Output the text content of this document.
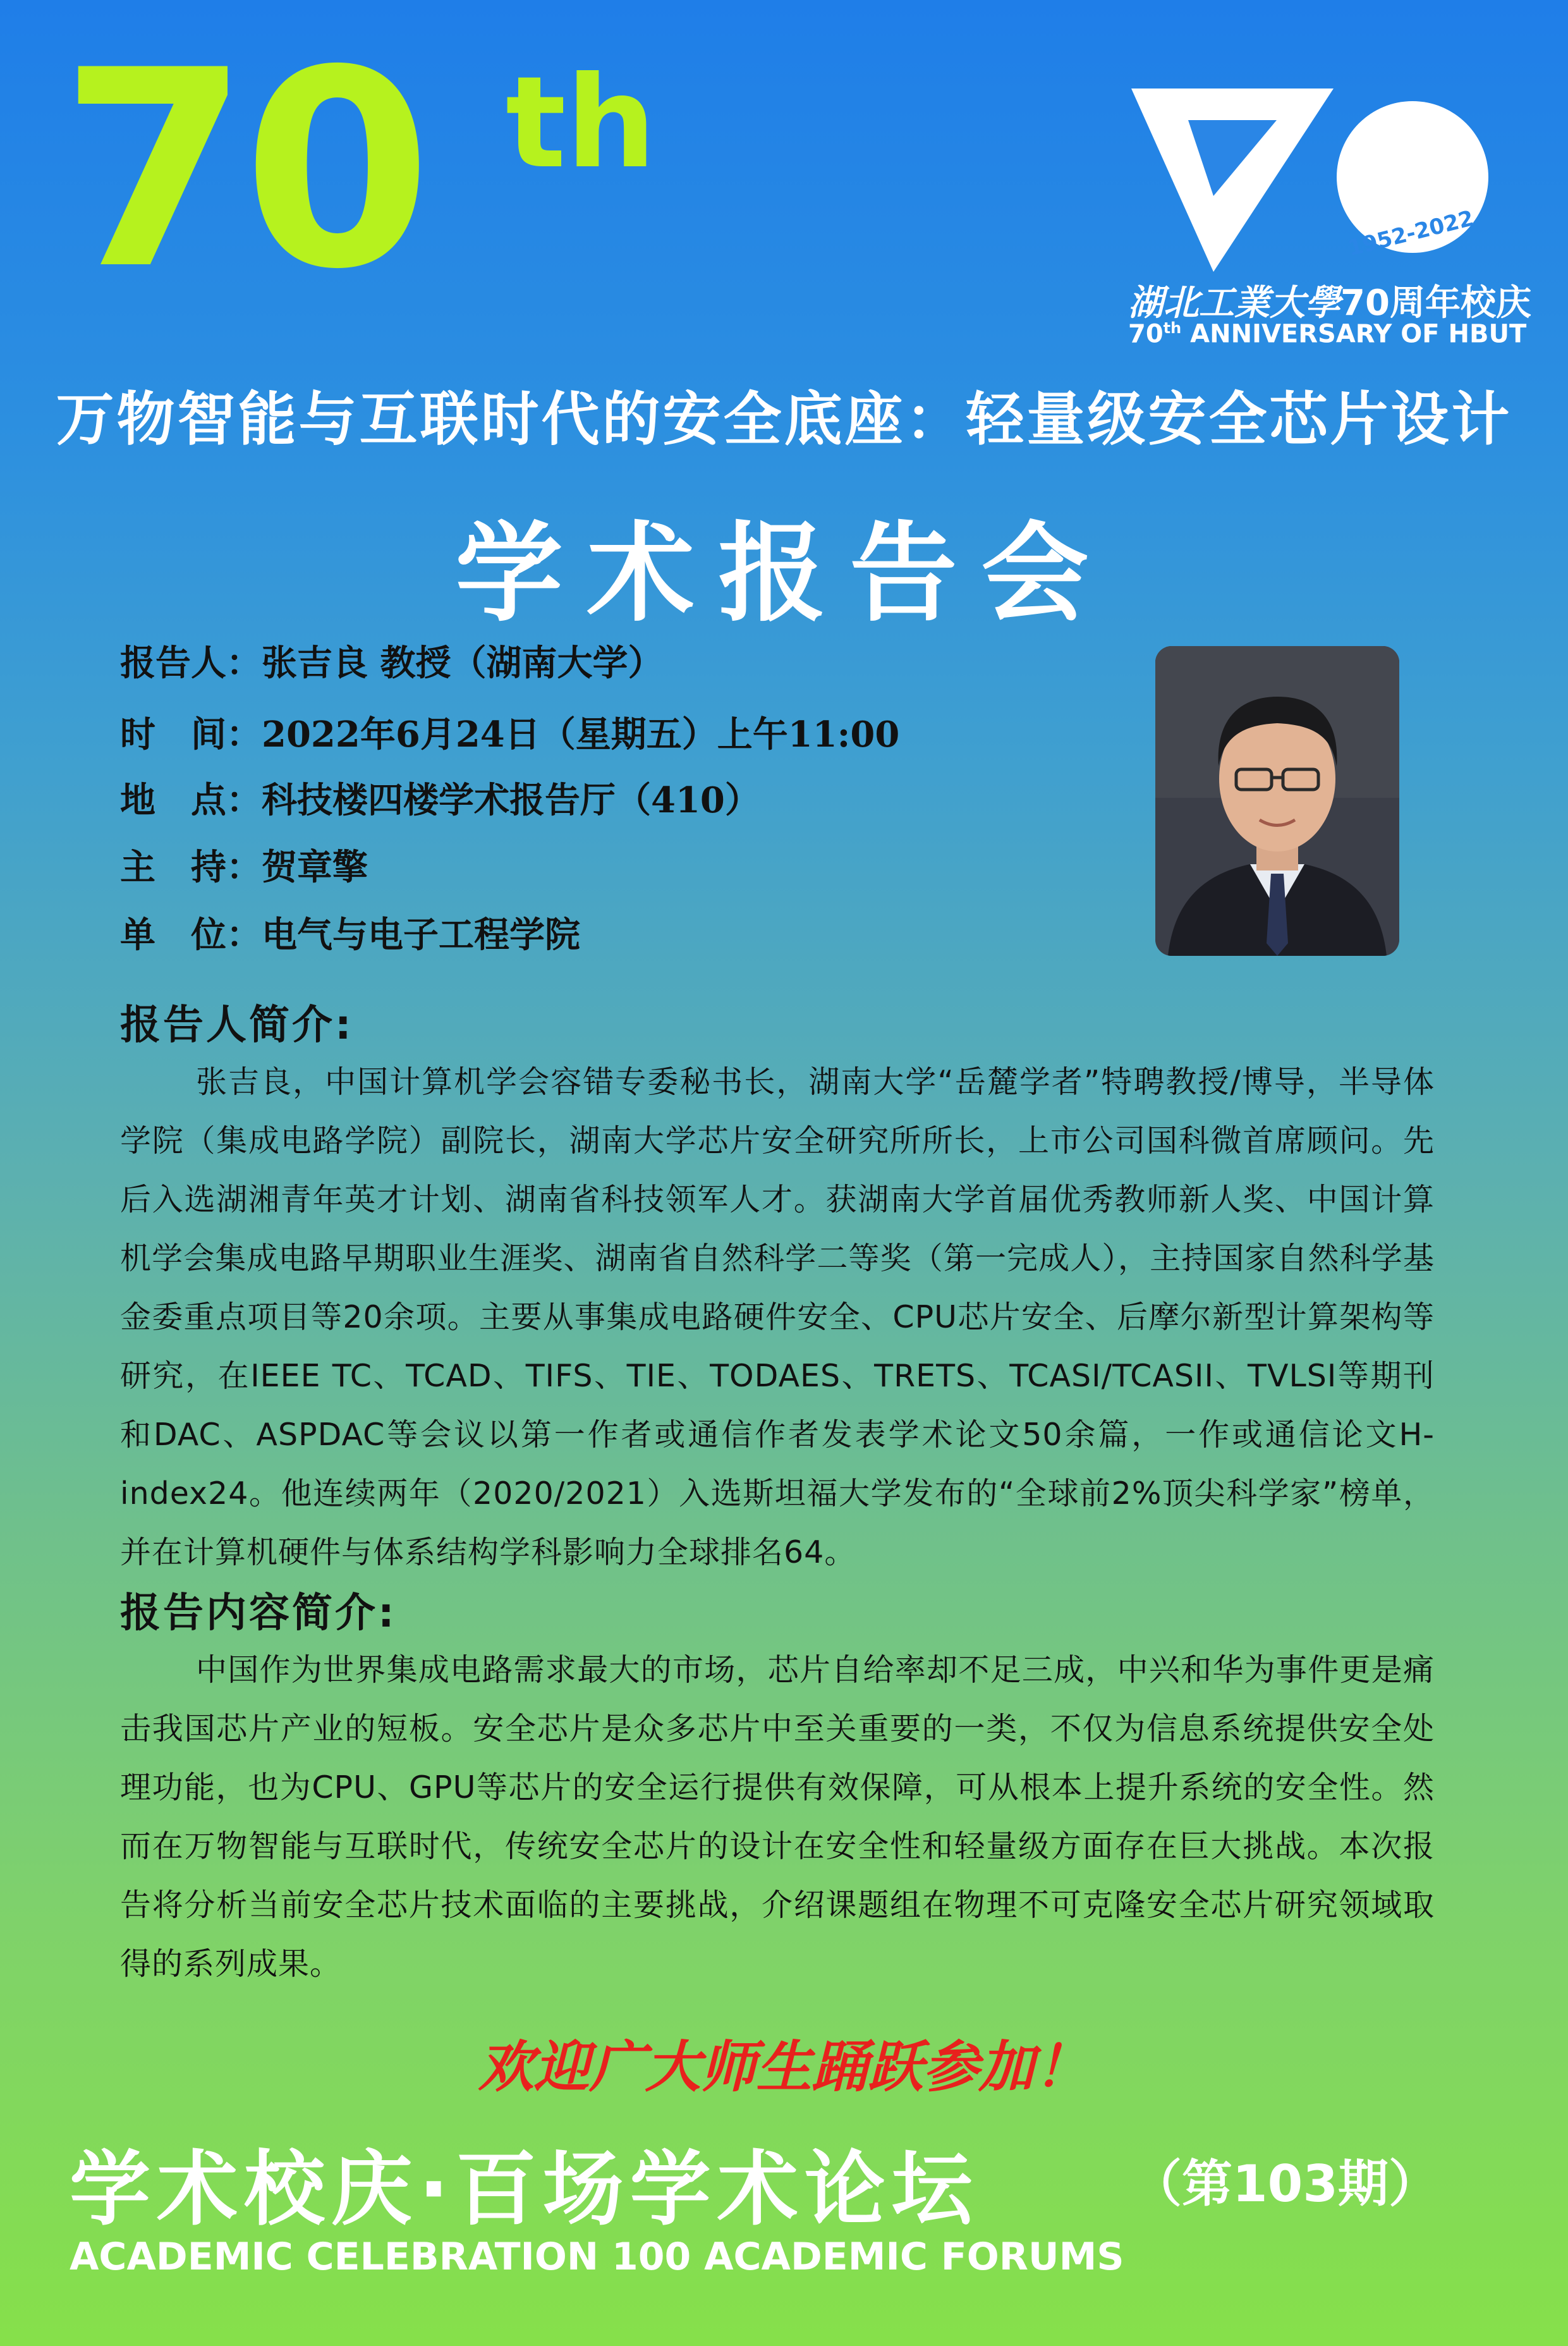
70 th
1952-2022
湖北工業大學70周年校庆
70th ANNIVERSARY OF HBUT
万物智能与互联时代的安全底座：轻量级安全芯片设计
学术报告会
报告人：张吉良 教授（湖南大学）
时　间：2022年6月24日（星期五）上午11:00
地　点：科技楼四楼学术报告厅（410）
主　持：贺章擎
单　位：电气与电子工程学院
报告人简介:
张吉良，中国计算机学会容错专委秘书长，湖南大学“岳麓学者”特聘教授/博导，半导体学院（集成电路学院）副院长，湖南大学芯片安全研究所所长，上市公司国科微首席顾问。先后入选湖湘青年英才计划、湖南省科技领军人才。获湖南大学首届优秀教师新人奖、中国计算机学会集成电路早期职业生涯奖、湖南省自然科学二等奖（第一完成人），主持国家自然科学基金委重点项目等20余项。主要从事集成电路硬件安全、CPU芯片安全、后摩尔新型计算架构等研究，在IEEE TC、TCAD、TIFS、TIE、TODAES、TRETS、TCASI/TCASII、TVLSI等期刊和DAC、ASPDAC等会议以第一作者或通信作者发表学术论文50余篇，一作或通信论文H-index24。他连续两年（2020/2021）入选斯坦福大学发布的“全球前2%顶尖科学家”榜单，并在计算机硬件与体系结构学科影响力全球排名64。
报告内容简介:
中国作为世界集成电路需求最大的市场，芯片自给率却不足三成，中兴和华为事件更是痛击我国芯片产业的短板。安全芯片是众多芯片中至关重要的一类，不仅为信息系统提供安全处理功能，也为CPU、GPU等芯片的安全运行提供有效保障，可从根本上提升系统的安全性。然而在万物智能与互联时代，传统安全芯片的设计在安全性和轻量级方面存在巨大挑战。本次报告将分析当前安全芯片技术面临的主要挑战，介绍课题组在物理不可克隆安全芯片研究领域取得的系列成果。
欢迎广大师生踊跃参加！
学术校庆·百场学术论坛	（第103期）
ACADEMIC CELEBRATION 100 ACADEMIC FORUMS
